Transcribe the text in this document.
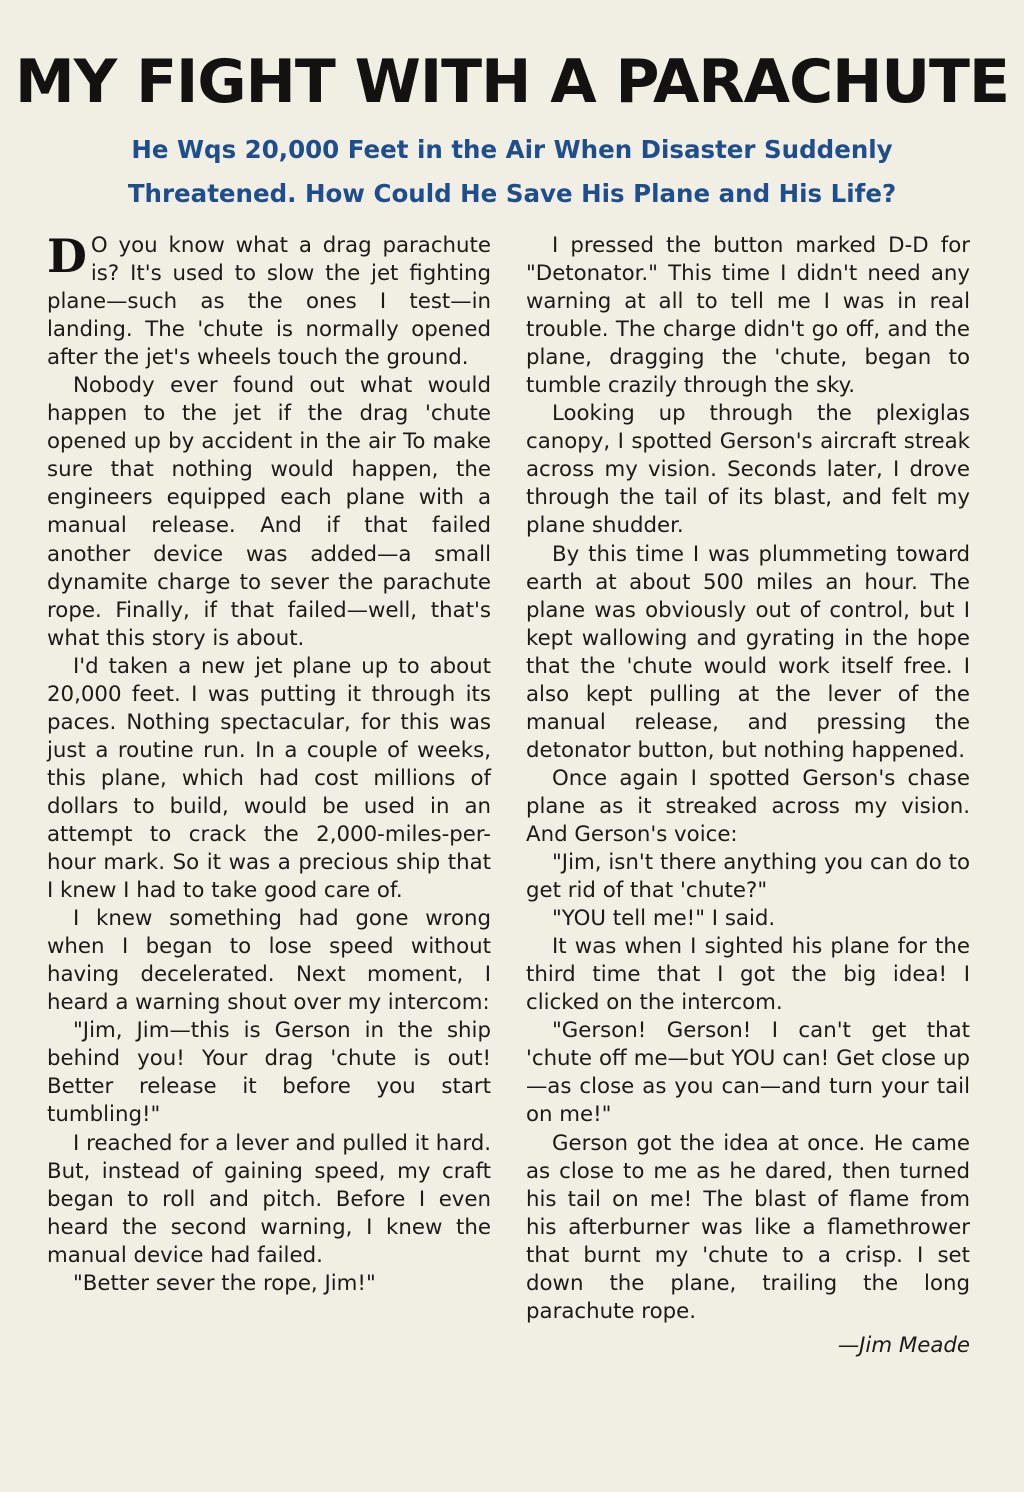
MY FIGHT WITH A PARACHUTE
He Wqs 20,000 Feet in the Air When Disaster Suddenly
Threatened. How Could He Save His Plane and His Life?

D O you know what a drag parachute is? It's used to slow the jet fighting plane—such as the ones I test—in landing. The 'chute is normally opened after the jet's wheels touch the ground.

Nobody ever found out what would happen to the jet if the drag 'chute opened up by accident in the air To make sure that nothing would happen, the engineers equipped each plane with a manual release. And if that failed another device was added—a small dynamite charge to sever the parachute rope. Finally, if that failed—well, that's what this story is about.

I'd taken a new jet plane up to about 20,000 feet. I was putting it through its paces. Nothing spectacular, for this was just a routine run. In a couple of weeks, this plane, which had cost millions of dollars to build, would be used in an attempt to crack the 2,000-miles-per-hour mark. So it was a precious ship that I knew I had to take good care of.

I knew something had gone wrong when I began to lose speed without having decelerated. Next moment, I heard a warning shout over my intercom:

"Jim, Jim—this is Gerson in the ship behind you! Your drag 'chute is out! Better release it before you start tumbling!"

I reached for a lever and pulled it hard. But, instead of gaining speed, my craft began to roll and pitch. Before I even heard the second warning, I knew the manual device had failed.

"Better sever the rope, Jim!"

I pressed the button marked D-D for "Detonator." This time I didn't need any warning at all to tell me I was in real trouble. The charge didn't go off, and the plane, dragging the 'chute, began to tumble crazily through the sky.

Looking up through the plexiglas canopy, I spotted Gerson's aircraft streak across my vision. Seconds later, I drove through the tail of its blast, and felt my plane shudder.

By this time I was plummeting toward earth at about 500 miles an hour. The plane was obviously out of control, but I kept wallowing and gyrating in the hope that the 'chute would work itself free. I also kept pulling at the lever of the manual release, and pressing the detonator button, but nothing happened.

Once again I spotted Gerson's chase plane as it streaked across my vision. And Gerson's voice:

"Jim, isn't there anything you can do to get rid of that 'chute?"

"YOU tell me!" I said.

It was when I sighted his plane for the third time that I got the big idea! I clicked on the intercom.

"Gerson! Gerson! I can't get that 'chute off me—but YOU can! Get close up—as close as you can—and turn your tail on me!"

Gerson got the idea at once. He came as close to me as he dared, then turned his tail on me! The blast of flame from his afterburner was like a flamethrower that burnt my 'chute to a crisp. I set down the plane, trailing the long parachute rope.

—Jim Meade
